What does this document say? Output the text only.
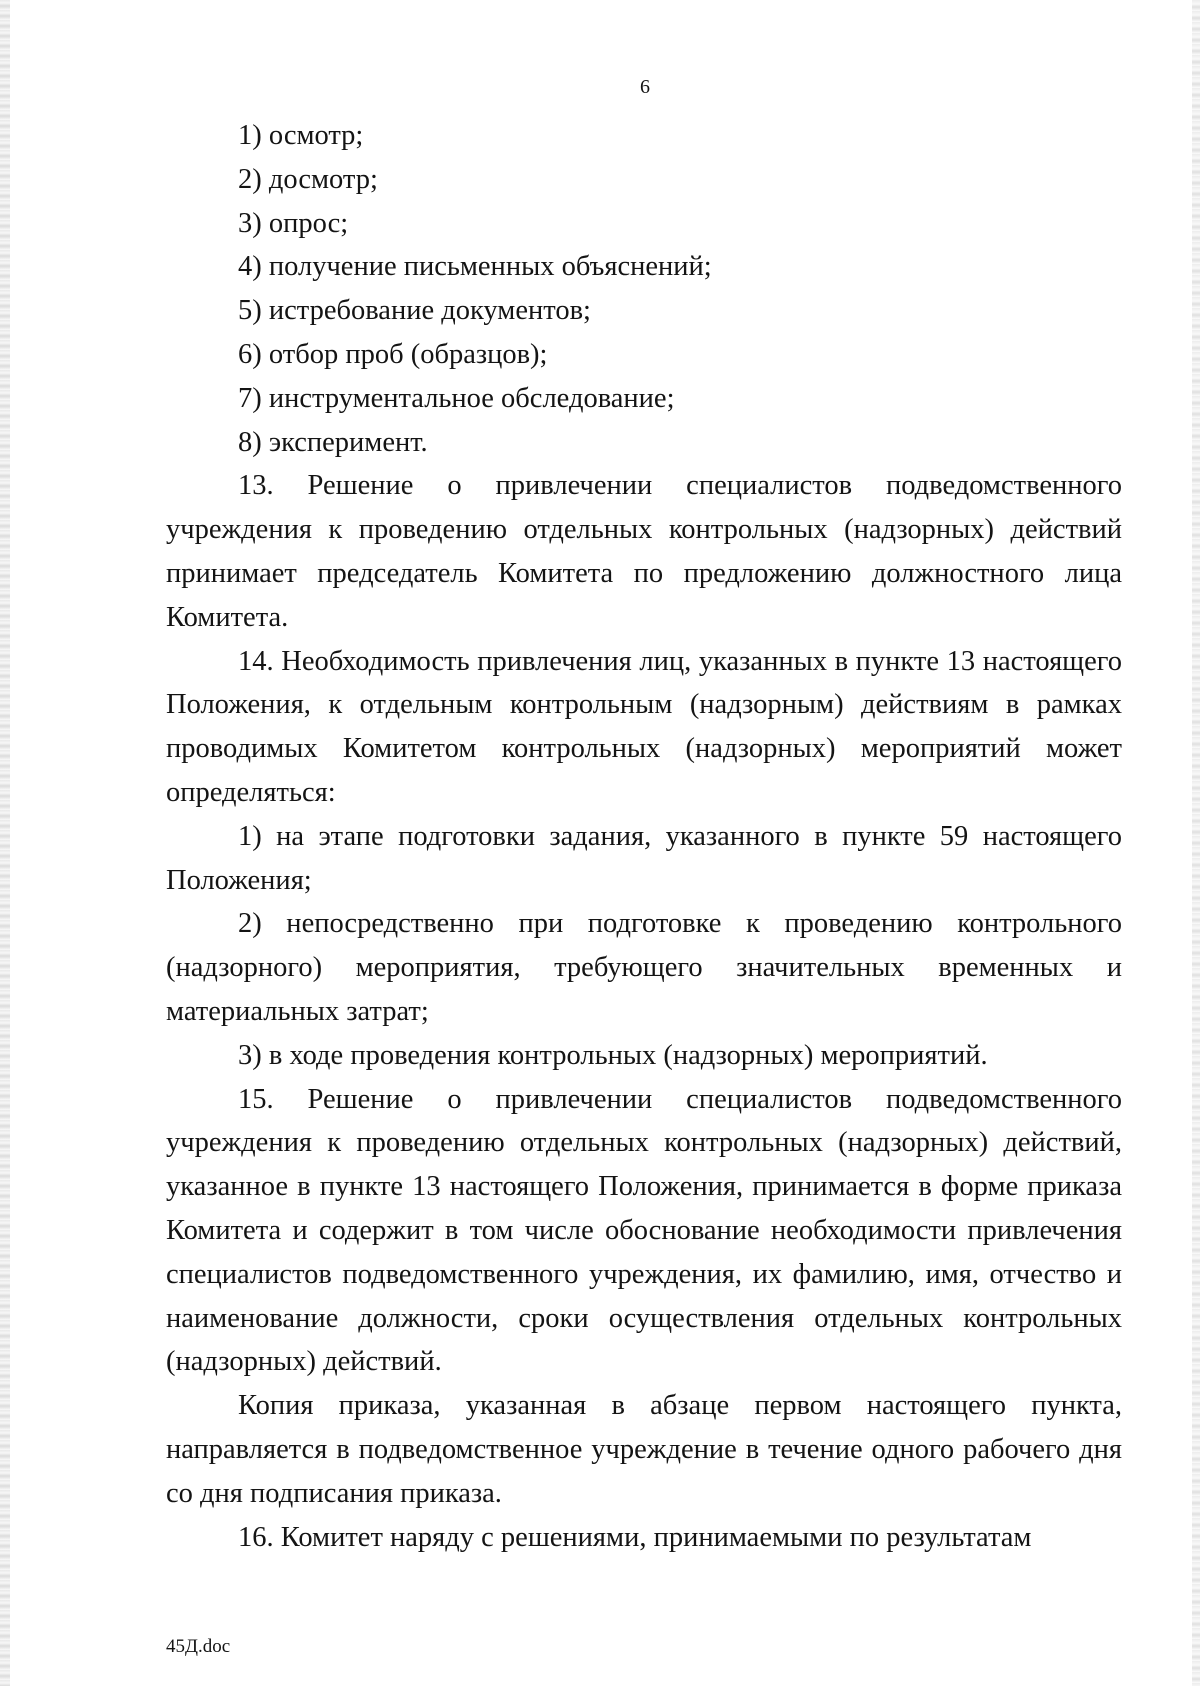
6

1) осмотр;

2) досмотр;

3) опрос;

4) получение письменных объяснений;

5) истребование документов;

6) отбор проб (образцов);

7) инструментальное обследование;

8) эксперимент.

13. Решение о привлечении специалистов подведомственного учреждения к проведению отдельных контрольных (надзорных) действий принимает председатель Комитета по предложению должностного лица Комитета.

14. Необходимость привлечения лиц, указанных в пункте 13 настоящего Положения, к отдельным контрольным (надзорным) действиям в рамках проводимых Комитетом контрольных (надзорных) мероприятий может определяться:

1) на этапе подготовки задания, указанного в пункте 59 настоящего Положения;

2) непосредственно при подготовке к проведению контрольного (надзорного) мероприятия, требующего значительных временных и материальных затрат;

3) в ходе проведения контрольных (надзорных) мероприятий.

15. Решение о привлечении специалистов подведомственного учреждения к проведению отдельных контрольных (надзорных) действий, указанное в пункте 13 настоящего Положения, принимается в форме приказа Комитета и содержит в том числе обоснование необходимости привлечения специалистов подведомственного учреждения, их фамилию, имя, отчество и наименование должности, сроки осуществления отдельных контрольных (надзорных) действий.

Копия приказа, указанная в абзаце первом настоящего пункта, направляется в подведомственное учреждение в течение одного рабочего дня со дня подписания приказа.

16. Комитет наряду с решениями, принимаемыми по результатам

45Д.doc
